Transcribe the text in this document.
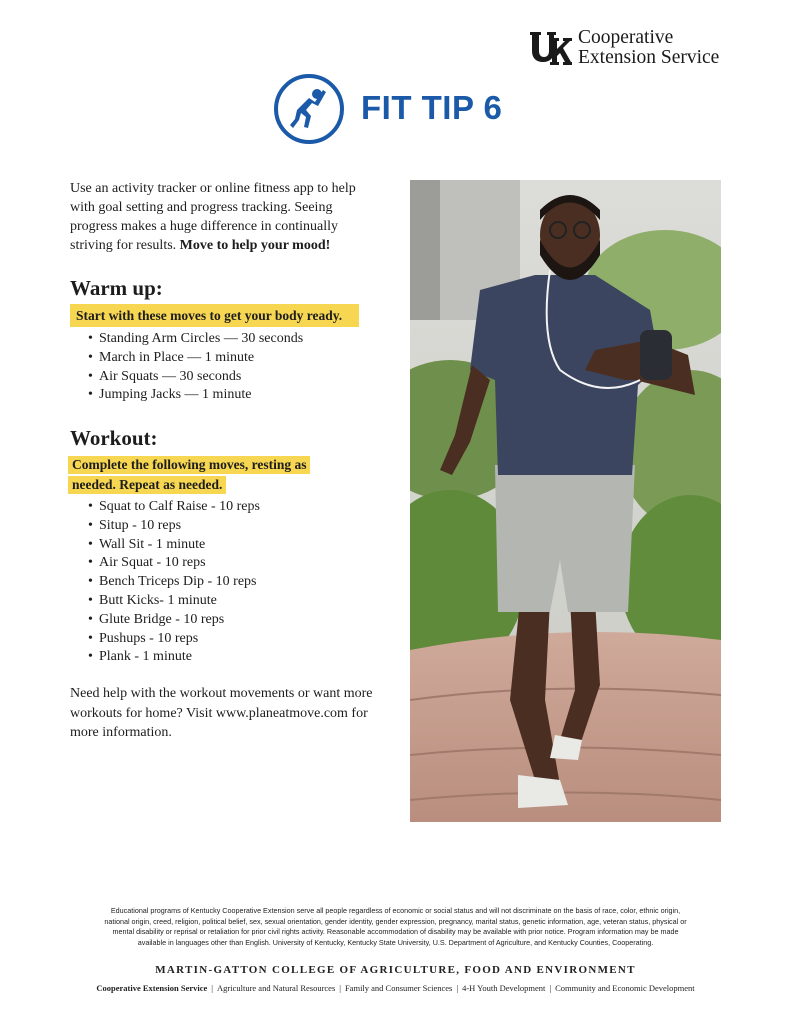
Cooperative
Extension Service
FIT TIP 6

Use an activity tracker or online fitness app to help with goal setting and progress tracking. Seeing progress makes a huge difference in continually striving for results. Move to help your mood!

Warm up:
Start with these moves to get your body ready.
• Standing Arm Circles — 30 seconds
• March in Place — 1 minute
• Air Squats — 30 seconds
• Jumping Jacks — 1 minute
Workout:
Complete the following moves, resting as needed. Repeat as needed.
• Squat to Calf Raise - 10 reps
• Situp - 10 reps
• Wall Sit - 1 minute
• Air Squat - 10 reps
• Bench Triceps Dip - 10 reps
• Butt Kicks- 1 minute
• Glute Bridge - 10 reps
• Pushups - 10 reps
• Plank - 1 minute

Need help with the workout movements or want more workouts for home? Visit www.planeatmove.com for more information.

Educational programs of Kentucky Cooperative Extension serve all people regardless of economic or social status and will not discriminate on the basis of race, color, ethnic origin, national origin, creed, religion, political belief, sex, sexual orientation, gender identity, gender expression, pregnancy, marital status, genetic information, age, veteran status, physical or mental disability or reprisal or retaliation for prior civil rights activity. Reasonable accommodation of disability may be available with prior notice. Program information may be made available in languages other than English. University of Kentucky, Kentucky State University, U.S. Department of Agriculture, and Kentucky Counties, Cooperating.

MARTIN-GATTON COLLEGE OF AGRICULTURE, FOOD AND ENVIRONMENT
Cooperative Extension Service | Agriculture and Natural Resources | Family and Consumer Sciences | 4-H Youth Development | Community and Economic Development
